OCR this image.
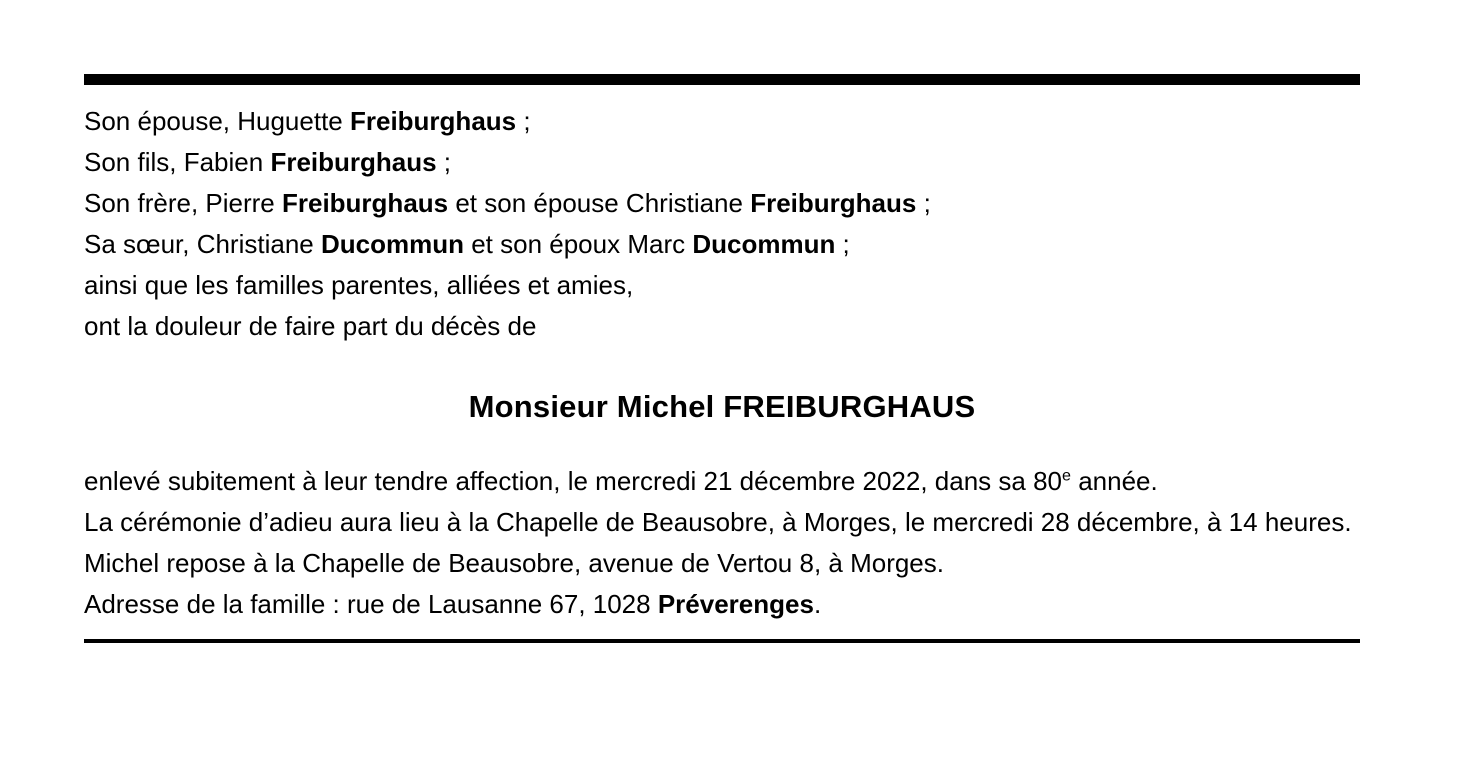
Son épouse, Huguette Freiburghaus ;
Son fils, Fabien Freiburghaus ;
Son frère, Pierre Freiburghaus et son épouse Christiane Freiburghaus ;
Sa sœur, Christiane Ducommun et son époux Marc Ducommun ;
ainsi que les familles parentes, alliées et amies,
ont la douleur de faire part du décès de
Monsieur Michel FREIBURGHAUS
enlevé subitement à leur tendre affection, le mercredi 21 décembre 2022, dans sa 80e année.
La cérémonie d’adieu aura lieu à la Chapelle de Beausobre, à Morges, le mercredi 28 décembre, à 14 heures.
Michel repose à la Chapelle de Beausobre, avenue de Vertou 8, à Morges.
Adresse de la famille : rue de Lausanne 67, 1028 Préverenges.
